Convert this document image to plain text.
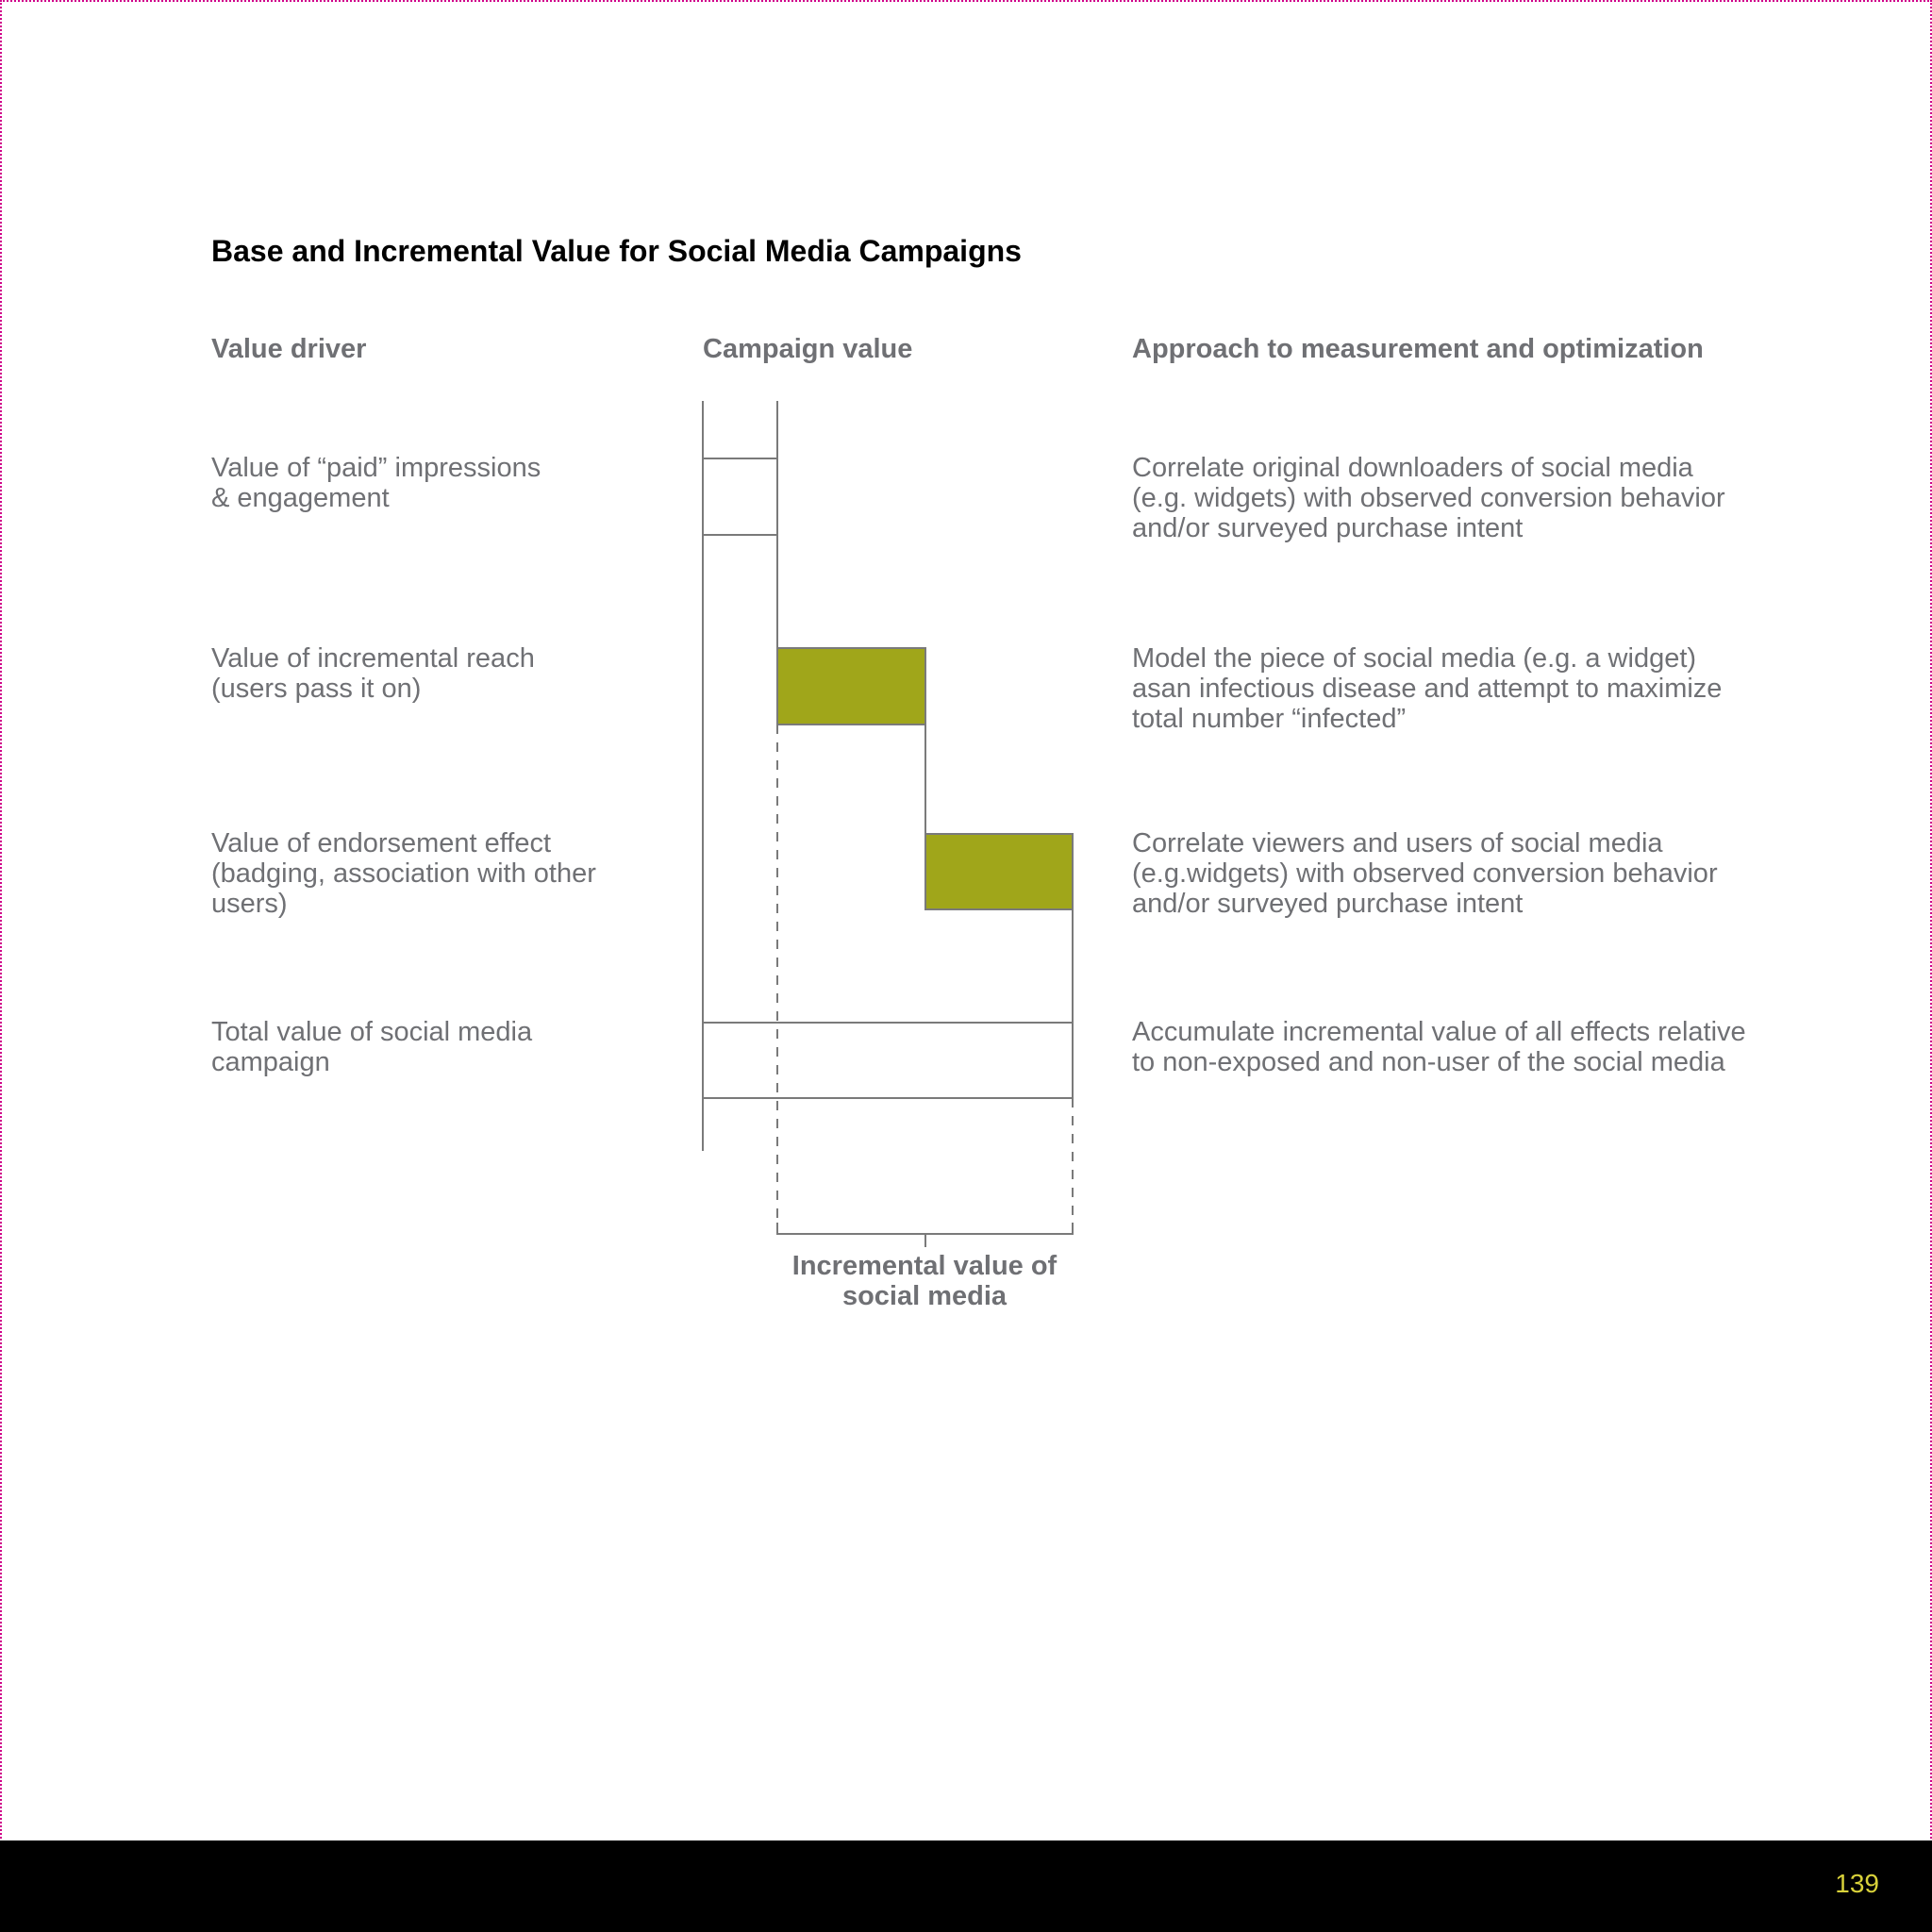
Base and Incremental Value for Social Media Campaigns
Value driver	Campaign value	Approach to measurement and optimization
Value of “paid” impressions
& engagement
Value of incremental reach
(users pass it on)
Value of endorsement effect
(badging, association with other
users)
Total value of social media
campaign
Correlate original downloaders of social media
(e.g. widgets) with observed conversion behavior
and/or surveyed purchase intent
Model the piece of social media (e.g. a widget)
asan infectious disease and attempt to maximize
total number “infected”
Correlate viewers and users of social media
(e.g.widgets) with observed conversion behavior
and/or surveyed purchase intent
Accumulate incremental value of all effects relative
to non-exposed and non-user of the social media
Incremental value of
social media
139
